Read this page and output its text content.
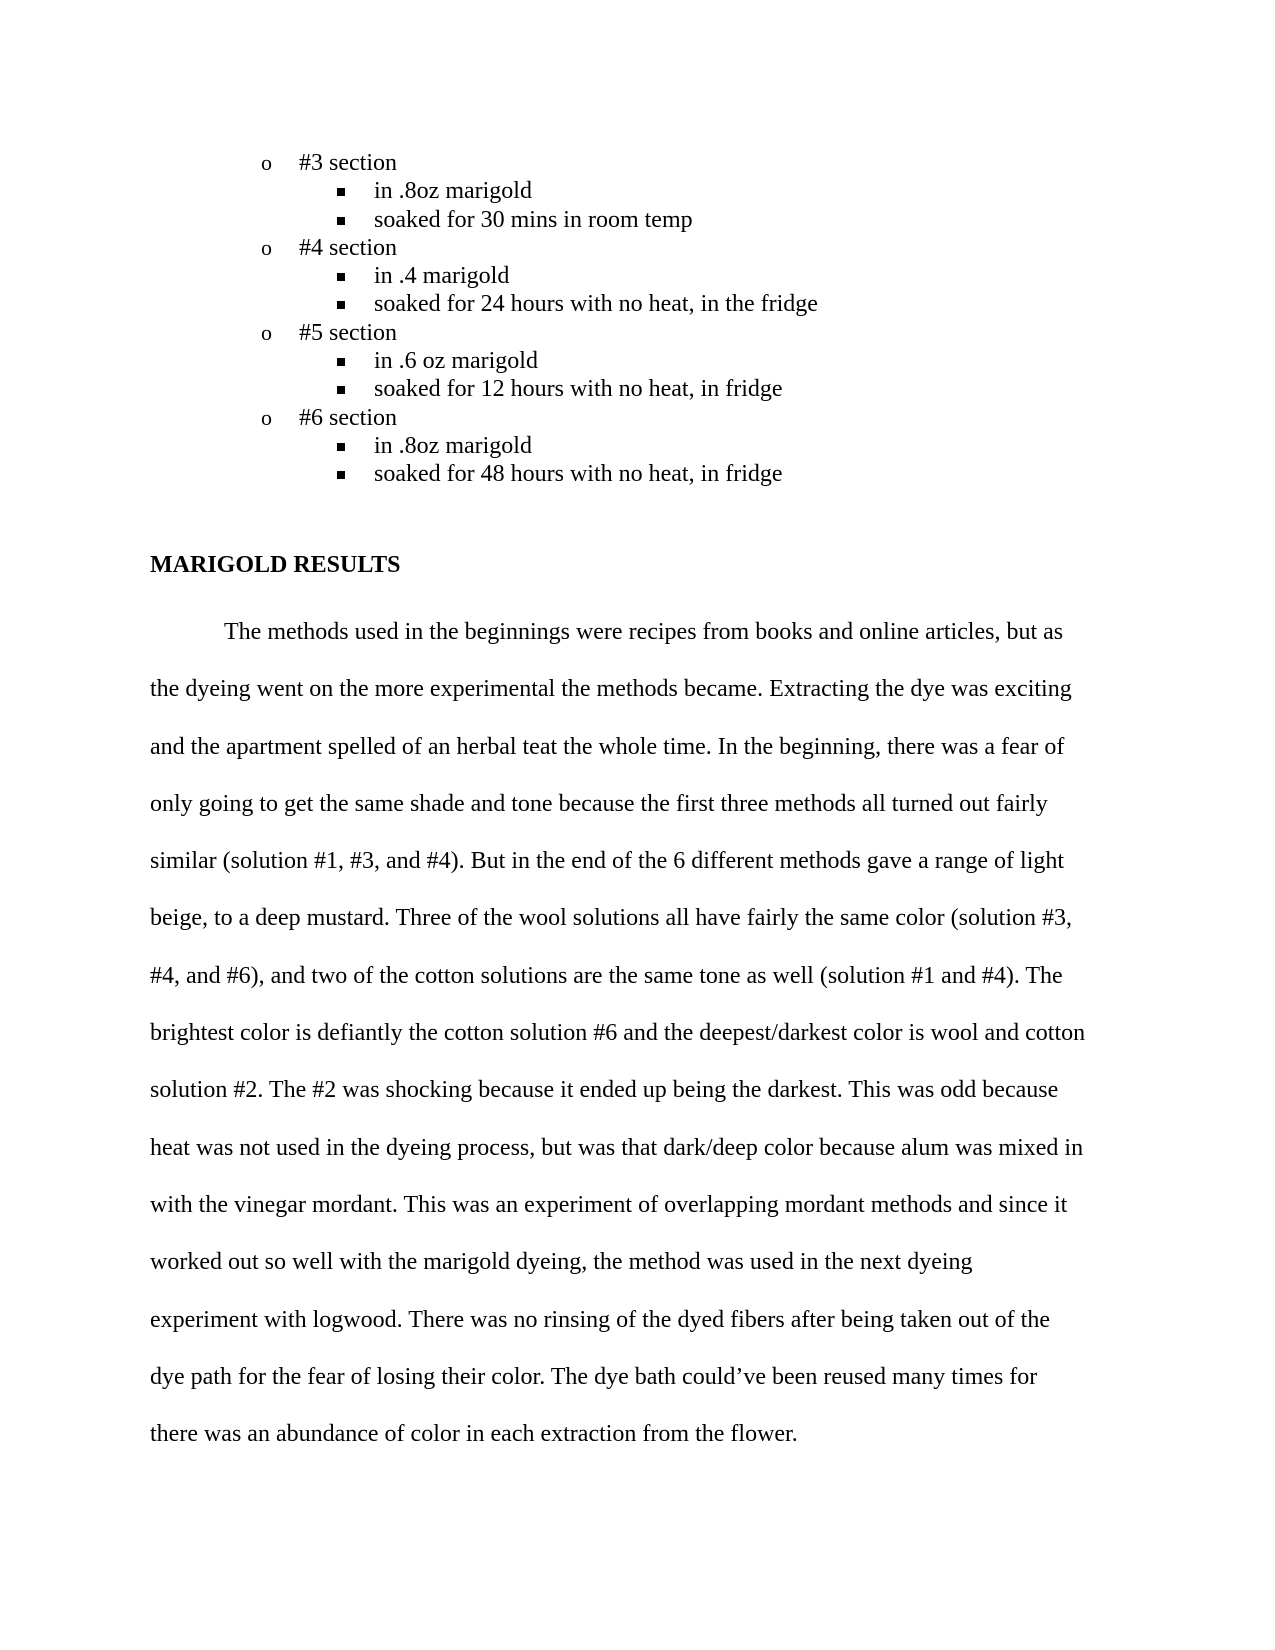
o #3 section
in .8oz marigold
soaked for 30 mins in room temp
o #4 section
in .4 marigold
soaked for 24 hours with no heat, in the fridge
o #5 section
in .6 oz marigold
soaked for 12 hours with no heat, in fridge
o #6 section
in .8oz marigold
soaked for 48 hours with no heat, in fridge
MARIGOLD RESULTS
The methods used in the beginnings were recipes from books and online articles, but as
the dyeing went on the more experimental the methods became. Extracting the dye was exciting
and the apartment spelled of an herbal teat the whole time. In the beginning, there was a fear of
only going to get the same shade and tone because the first three methods all turned out fairly
similar (solution #1, #3, and #4). But in the end of the 6 different methods gave a range of light
beige, to a deep mustard. Three of the wool solutions all have fairly the same color (solution #3,
#4, and #6), and two of the cotton solutions are the same tone as well (solution #1 and #4). The
brightest color is defiantly the cotton solution #6 and the deepest/darkest color is wool and cotton
solution #2. The #2 was shocking because it ended up being the darkest. This was odd because
heat was not used in the dyeing process, but was that dark/deep color because alum was mixed in
with the vinegar mordant. This was an experiment of overlapping mordant methods and since it
worked out so well with the marigold dyeing, the method was used in the next dyeing
experiment with logwood. There was no rinsing of the dyed fibers after being taken out of the
dye path for the fear of losing their color. The dye bath could’ve been reused many times for
there was an abundance of color in each extraction from the flower.
